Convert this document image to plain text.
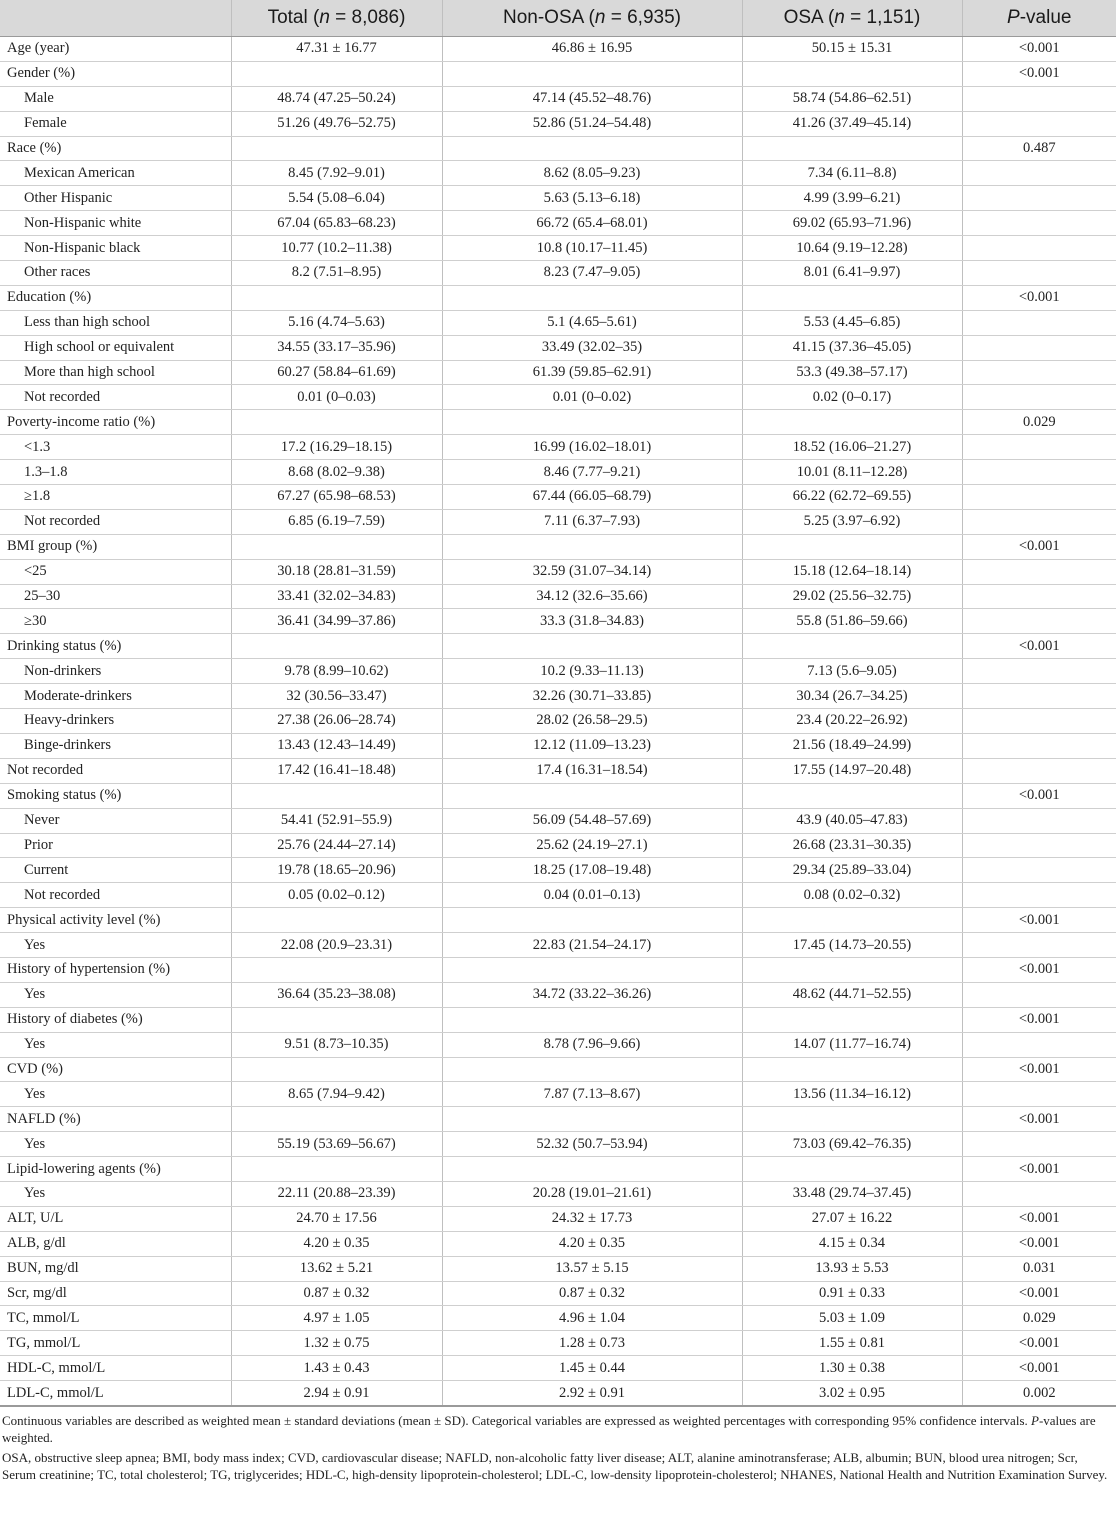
	Total (n = 8,086)	Non-OSA (n = 6,935)	OSA (n = 1,151)	P-value
Age (year)	47.31 ± 16.77	46.86 ± 16.95	50.15 ± 15.31	<0.001
Gender (%)				<0.001
Male	48.74 (47.25–50.24)	47.14 (45.52–48.76)	58.74 (54.86–62.51)	
Female	51.26 (49.76–52.75)	52.86 (51.24–54.48)	41.26 (37.49–45.14)	
Race (%)				0.487
Mexican American	8.45 (7.92–9.01)	8.62 (8.05–9.23)	7.34 (6.11–8.8)	
Other Hispanic	5.54 (5.08–6.04)	5.63 (5.13–6.18)	4.99 (3.99–6.21)	
Non-Hispanic white	67.04 (65.83–68.23)	66.72 (65.4–68.01)	69.02 (65.93–71.96)	
Non-Hispanic black	10.77 (10.2–11.38)	10.8 (10.17–11.45)	10.64 (9.19–12.28)	
Other races	8.2 (7.51–8.95)	8.23 (7.47–9.05)	8.01 (6.41–9.97)	
Education (%)				<0.001
Less than high school	5.16 (4.74–5.63)	5.1 (4.65–5.61)	5.53 (4.45–6.85)	
High school or equivalent	34.55 (33.17–35.96)	33.49 (32.02–35)	41.15 (37.36–45.05)	
More than high school	60.27 (58.84–61.69)	61.39 (59.85–62.91)	53.3 (49.38–57.17)	
Not recorded	0.01 (0–0.03)	0.01 (0–0.02)	0.02 (0–0.17)	
Poverty-income ratio (%)				0.029
<1.3	17.2 (16.29–18.15)	16.99 (16.02–18.01)	18.52 (16.06–21.27)	
1.3–1.8	8.68 (8.02–9.38)	8.46 (7.77–9.21)	10.01 (8.11–12.28)	
≥1.8	67.27 (65.98–68.53)	67.44 (66.05–68.79)	66.22 (62.72–69.55)	
Not recorded	6.85 (6.19–7.59)	7.11 (6.37–7.93)	5.25 (3.97–6.92)	
BMI group (%)				<0.001
<25	30.18 (28.81–31.59)	32.59 (31.07–34.14)	15.18 (12.64–18.14)	
25–30	33.41 (32.02–34.83)	34.12 (32.6–35.66)	29.02 (25.56–32.75)	
≥30	36.41 (34.99–37.86)	33.3 (31.8–34.83)	55.8 (51.86–59.66)	
Drinking status (%)				<0.001
Non-drinkers	9.78 (8.99–10.62)	10.2 (9.33–11.13)	7.13 (5.6–9.05)	
Moderate-drinkers	32 (30.56–33.47)	32.26 (30.71–33.85)	30.34 (26.7–34.25)	
Heavy-drinkers	27.38 (26.06–28.74)	28.02 (26.58–29.5)	23.4 (20.22–26.92)	
Binge-drinkers	13.43 (12.43–14.49)	12.12 (11.09–13.23)	21.56 (18.49–24.99)	
Not recorded	17.42 (16.41–18.48)	17.4 (16.31–18.54)	17.55 (14.97–20.48)	
Smoking status (%)				<0.001
Never	54.41 (52.91–55.9)	56.09 (54.48–57.69)	43.9 (40.05–47.83)	
Prior	25.76 (24.44–27.14)	25.62 (24.19–27.1)	26.68 (23.31–30.35)	
Current	19.78 (18.65–20.96)	18.25 (17.08–19.48)	29.34 (25.89–33.04)	
Not recorded	0.05 (0.02–0.12)	0.04 (0.01–0.13)	0.08 (0.02–0.32)	
Physical activity level (%)				<0.001
Yes	22.08 (20.9–23.31)	22.83 (21.54–24.17)	17.45 (14.73–20.55)	
History of hypertension (%)				<0.001
Yes	36.64 (35.23–38.08)	34.72 (33.22–36.26)	48.62 (44.71–52.55)	
History of diabetes (%)				<0.001
Yes	9.51 (8.73–10.35)	8.78 (7.96–9.66)	14.07 (11.77–16.74)	
CVD (%)				<0.001
Yes	8.65 (7.94–9.42)	7.87 (7.13–8.67)	13.56 (11.34–16.12)	
NAFLD (%)				<0.001
Yes	55.19 (53.69–56.67)	52.32 (50.7–53.94)	73.03 (69.42–76.35)	
Lipid-lowering agents (%)				<0.001
Yes	22.11 (20.88–23.39)	20.28 (19.01–21.61)	33.48 (29.74–37.45)	
ALT, U/L	24.70 ± 17.56	24.32 ± 17.73	27.07 ± 16.22	<0.001
ALB, g/dl	4.20 ± 0.35	4.20 ± 0.35	4.15 ± 0.34	<0.001
BUN, mg/dl	13.62 ± 5.21	13.57 ± 5.15	13.93 ± 5.53	0.031
Scr, mg/dl	0.87 ± 0.32	0.87 ± 0.32	0.91 ± 0.33	<0.001
TC, mmol/L	4.97 ± 1.05	4.96 ± 1.04	5.03 ± 1.09	0.029
TG, mmol/L	1.32 ± 0.75	1.28 ± 0.73	1.55 ± 0.81	<0.001
HDL-C, mmol/L	1.43 ± 0.43	1.45 ± 0.44	1.30 ± 0.38	<0.001
LDL-C, mmol/L	2.94 ± 0.91	2.92 ± 0.91	3.02 ± 0.95	0.002

Continuous variables are described as weighted mean ± standard deviations (mean ± SD). Categorical variables are expressed as weighted percentages with corresponding 95% confidence intervals. P-values are weighted.

OSA, obstructive sleep apnea; BMI, body mass index; CVD, cardiovascular disease; NAFLD, non-alcoholic fatty liver disease; ALT, alanine aminotransferase; ALB, albumin; BUN, blood urea nitrogen; Scr, Serum creatinine; TC, total cholesterol; TG, triglycerides; HDL-C, high-density lipoprotein-cholesterol; LDL-C, low-density lipoprotein-cholesterol; NHANES, National Health and Nutrition Examination Survey.
